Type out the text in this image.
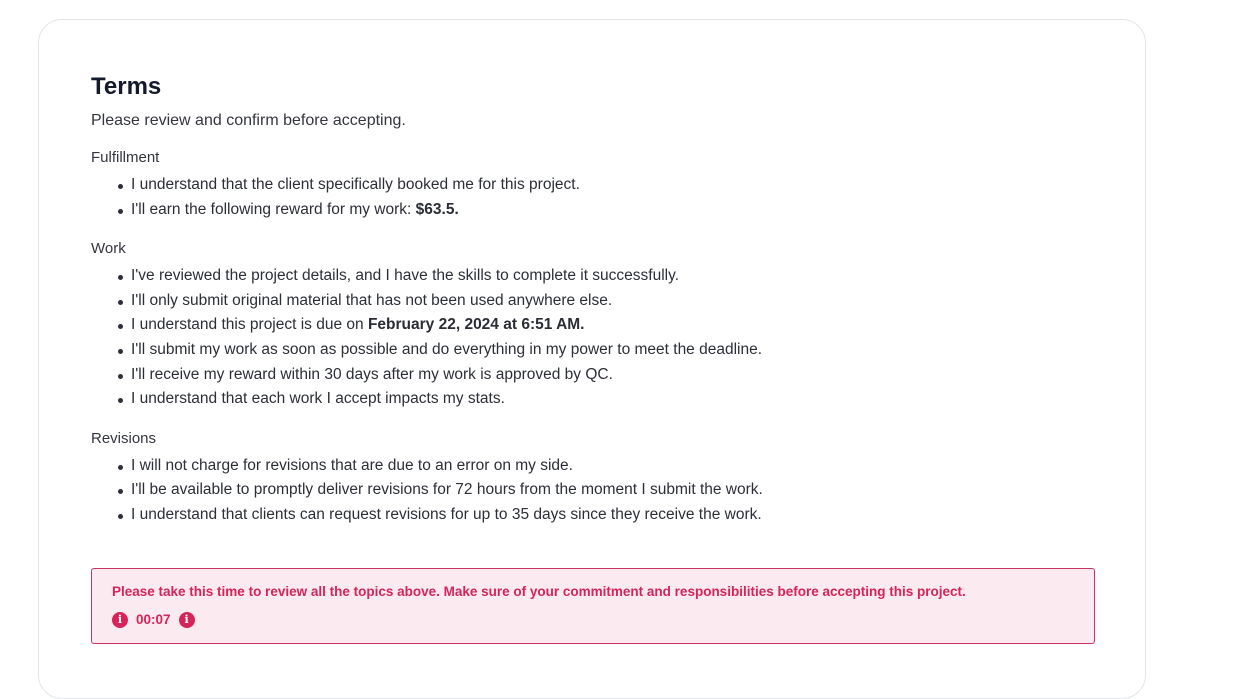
Terms

Please review and confirm before accepting.

Fulfillment
I understand that the client specifically booked me for this project.
I'll earn the following reward for my work: $63.5.
Work
I've reviewed the project details, and I have the skills to complete it successfully.
I'll only submit original material that has not been used anywhere else.
I understand this project is due on February 22, 2024 at 6:51 AM.
I'll submit my work as soon as possible and do everything in my power to meet the deadline.
I'll receive my reward within 30 days after my work is approved by QC.
I understand that each work I accept impacts my stats.
Revisions
I will not charge for revisions that are due to an error on my side.
I'll be available to promptly deliver revisions for 72 hours from the moment I submit the work.
I understand that clients can request revisions for up to 35 days since they receive the work.
Please take this time to review all the topics above. Make sure of your commitment and responsibilities before accepting this project.
i	00:07	i
